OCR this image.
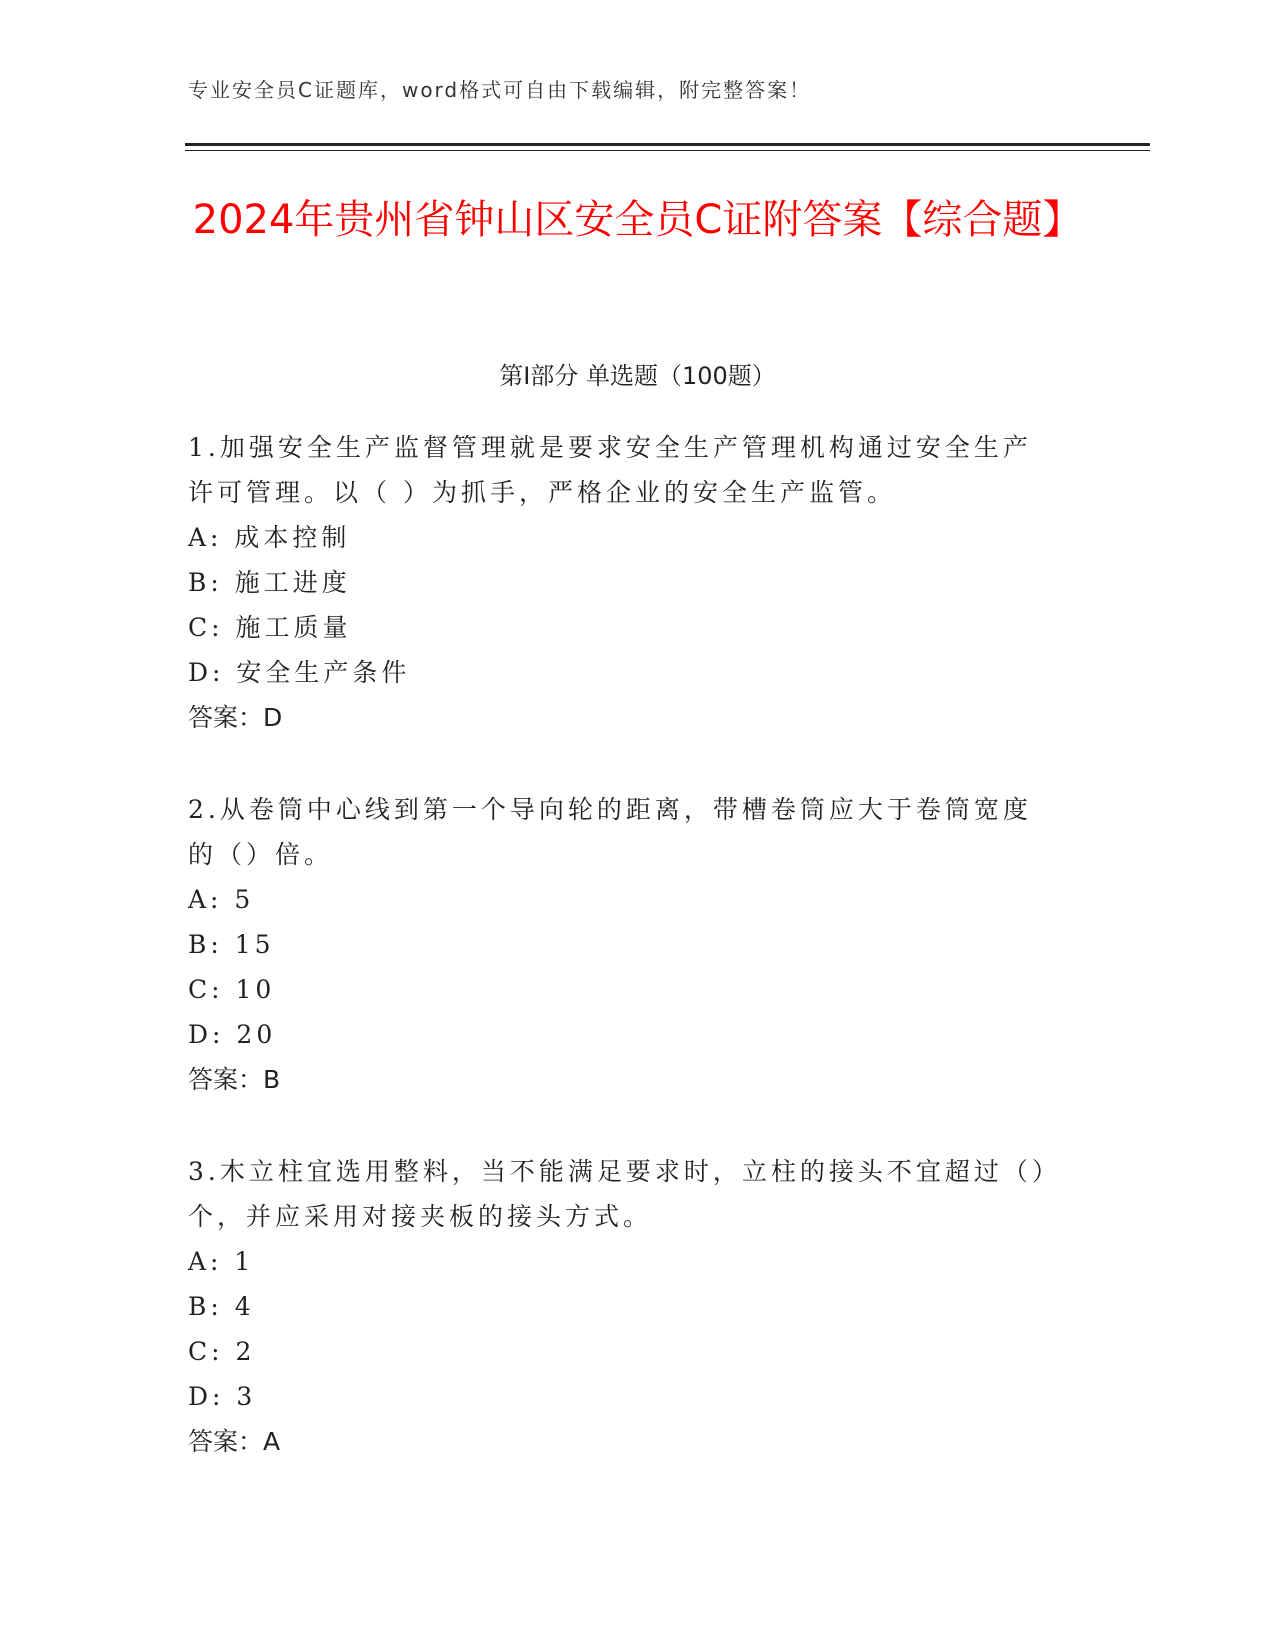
专业安全员C证题库，word格式可自由下载编辑，附完整答案！
2024年贵州省钟山区安全员C证附答案【综合题】
第Ⅰ部分 单选题（100题）

1.加强安全生产监督管理就是要求安全生产管理机构通过安全生产许可管理。以（ ）为抓手，严格企业的安全生产监管。

A: 成本控制

B: 施工进度

C: 施工质量

D: 安全生产条件

答案：D

2.从卷筒中心线到第一个导向轮的距离，带槽卷筒应大于卷筒宽度的（）倍。

A: 5

B: 15

C: 10

D: 20

答案：B

3.木立柱宜选用整料，当不能满足要求时，立柱的接头不宜超过（）个，并应采用对接夹板的接头方式。

A: 1

B: 4

C: 2

D: 3

答案：A
